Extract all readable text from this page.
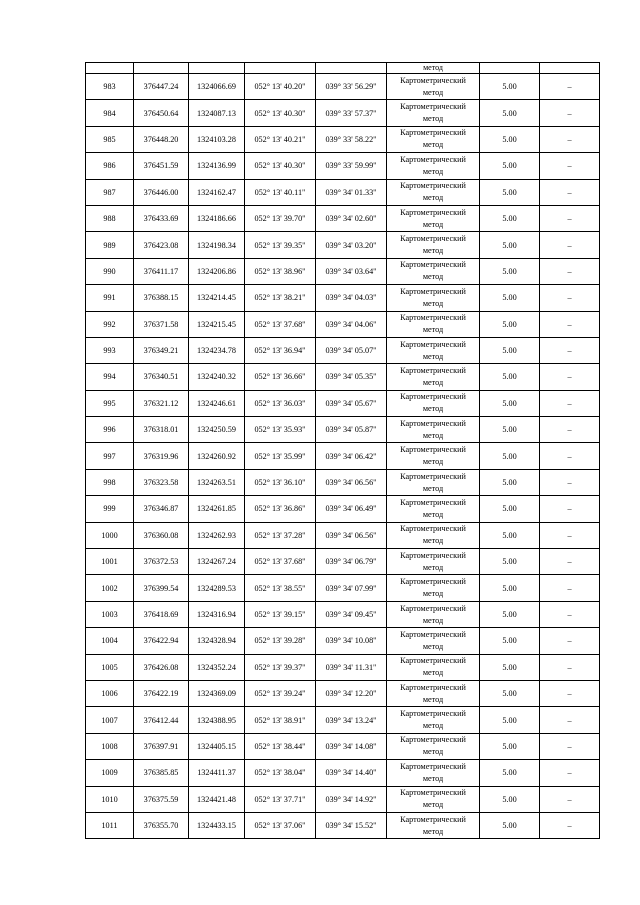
					метод		

983	376447.24	1324066.69	052° 13' 40.20"	039° 33' 56.29"	Картометрический
метод	5.00	–
984	376450.64	1324087.13	052° 13' 40.30"	039° 33' 57.37"	Картометрический
метод	5.00	–
985	376448.20	1324103.28	052° 13' 40.21"	039° 33' 58.22"	Картометрический
метод	5.00	–
986	376451.59	1324136.99	052° 13' 40.30"	039° 33' 59.99"	Картометрический
метод	5.00	–
987	376446.00	1324162.47	052° 13' 40.11"	039° 34' 01.33"	Картометрический
метод	5.00	–
988	376433.69	1324186.66	052° 13' 39.70"	039° 34' 02.60"	Картометрический
метод	5.00	–
989	376423.08	1324198.34	052° 13' 39.35"	039° 34' 03.20"	Картометрический
метод	5.00	–
990	376411.17	1324206.86	052° 13' 38.96"	039° 34' 03.64"	Картометрический
метод	5.00	–
991	376388.15	1324214.45	052° 13' 38.21"	039° 34' 04.03"	Картометрический
метод	5.00	–
992	376371.58	1324215.45	052° 13' 37.68"	039° 34' 04.06"	Картометрический
метод	5.00	–
993	376349.21	1324234.78	052° 13' 36.94"	039° 34' 05.07"	Картометрический
метод	5.00	–
994	376340.51	1324240.32	052° 13' 36.66"	039° 34' 05.35"	Картометрический
метод	5.00	–
995	376321.12	1324246.61	052° 13' 36.03"	039° 34' 05.67"	Картометрический
метод	5.00	–
996	376318.01	1324250.59	052° 13' 35.93"	039° 34' 05.87"	Картометрический
метод	5.00	–
997	376319.96	1324260.92	052° 13' 35.99"	039° 34' 06.42"	Картометрический
метод	5.00	–
998	376323.58	1324263.51	052° 13' 36.10"	039° 34' 06.56"	Картометрический
метод	5.00	–
999	376346.87	1324261.85	052° 13' 36.86"	039° 34' 06.49"	Картометрический
метод	5.00	–
1000	376360.08	1324262.93	052° 13' 37.28"	039° 34' 06.56"	Картометрический
метод	5.00	–
1001	376372.53	1324267.24	052° 13' 37.68"	039° 34' 06.79"	Картометрический
метод	5.00	–
1002	376399.54	1324289.53	052° 13' 38.55"	039° 34' 07.99"	Картометрический
метод	5.00	–
1003	376418.69	1324316.94	052° 13' 39.15"	039° 34' 09.45"	Картометрический
метод	5.00	–
1004	376422.94	1324328.94	052° 13' 39.28"	039° 34' 10.08"	Картометрический
метод	5.00	–
1005	376426.08	1324352.24	052° 13' 39.37"	039° 34' 11.31"	Картометрический
метод	5.00	–
1006	376422.19	1324369.09	052° 13' 39.24"	039° 34' 12.20"	Картометрический
метод	5.00	–
1007	376412.44	1324388.95	052° 13' 38.91"	039° 34' 13.24"	Картометрический
метод	5.00	–
1008	376397.91	1324405.15	052° 13' 38.44"	039° 34' 14.08"	Картометрический
метод	5.00	–
1009	376385.85	1324411.37	052° 13' 38.04"	039° 34' 14.40"	Картометрический
метод	5.00	–
1010	376375.59	1324421.48	052° 13' 37.71"	039° 34' 14.92"	Картометрический
метод	5.00	–
1011	376355.70	1324433.15	052° 13' 37.06"	039° 34' 15.52"	Картометрический
метод	5.00	–
